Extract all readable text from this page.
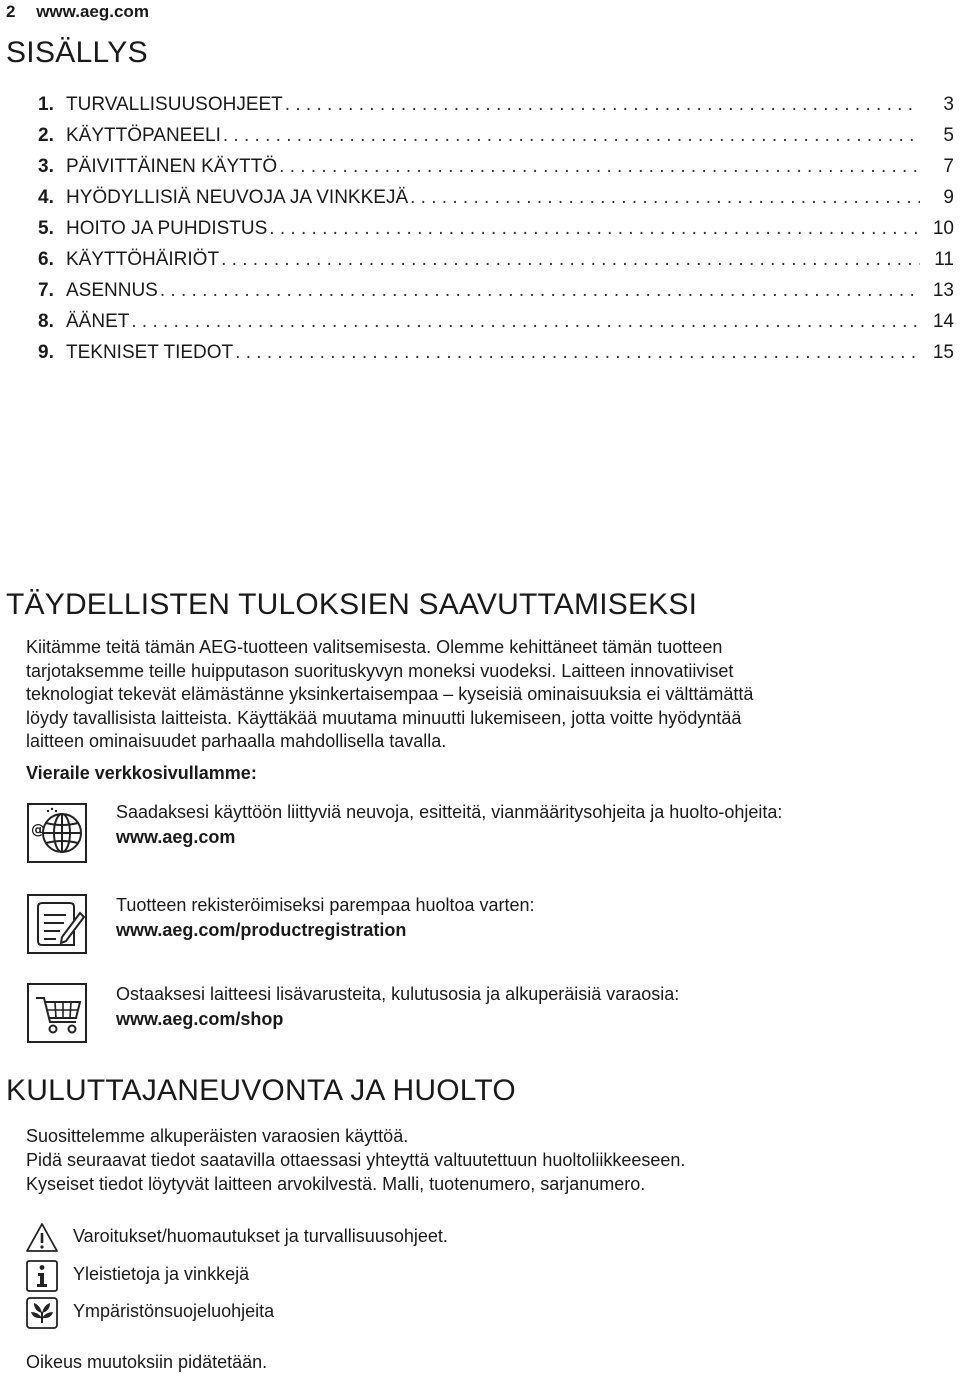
2 www.aeg.com
SISÄLLYS
1. TURVALLISUUSOHJEET . . .	3
2. KÄYTTÖPANEELI . . .	5
3. PÄIVITTÄINEN KÄYTTÖ . . .	7
4. HYÖDYLLISIÄ NEUVOJA JA VINKKEJÄ . . .	9
5. HOITO JA PUHDISTUS . . .	10
6. KÄYTTÖHÄIRIÖT . . .	11
7. ASENNUS . . .	13
8. ÄÄNET . . .	14
9. TEKNISET TIEDOT . . .	15
TÄYDELLISTEN TULOKSIEN SAAVUTTAMISEKSI
Kiitämme teitä tämän AEG-tuotteen valitsemisesta. Olemme kehittäneet tämän tuotteen
tarjotaksemme teille huipputason suorituskyvyn moneksi vuodeksi. Laitteen innovatiiviset
teknologiat tekevät elämästänne yksinkertaisempaa – kyseisiä ominaisuuksia ei välttämättä
löydy tavallisista laitteista. Käyttäkää muutama minuutti lukemiseen, jotta voitte hyödyntää
laitteen ominaisuudet parhaalla mahdollisella tavalla.
Vieraile verkkosivullamme:
@
Saadaksesi käyttöön liittyviä neuvoja, esitteitä, vianmääritysohjeita ja huolto-ohjeita:
www.aeg.com
Tuotteen rekisteröimiseksi parempaa huoltoa varten:
www.aeg.com/productregistration
Ostaaksesi laitteesi lisävarusteita, kulutusosia ja alkuperäisiä varaosia:
www.aeg.com/shop
KULUTTAJANEUVONTA JA HUOLTO
Suosittelemme alkuperäisten varaosien käyttöä.
Pidä seuraavat tiedot saatavilla ottaessasi yhteyttä valtuutettuun huoltoliikkeeseen.
Kyseiset tiedot löytyvät laitteen arvokilvestä. Malli, tuotenumero, sarjanumero.
Varoitukset/huomautukset ja turvallisuusohjeet.
Yleistietoja ja vinkkejä
Ympäristönsuojeluohjeita
Oikeus muutoksiin pidätetään.
